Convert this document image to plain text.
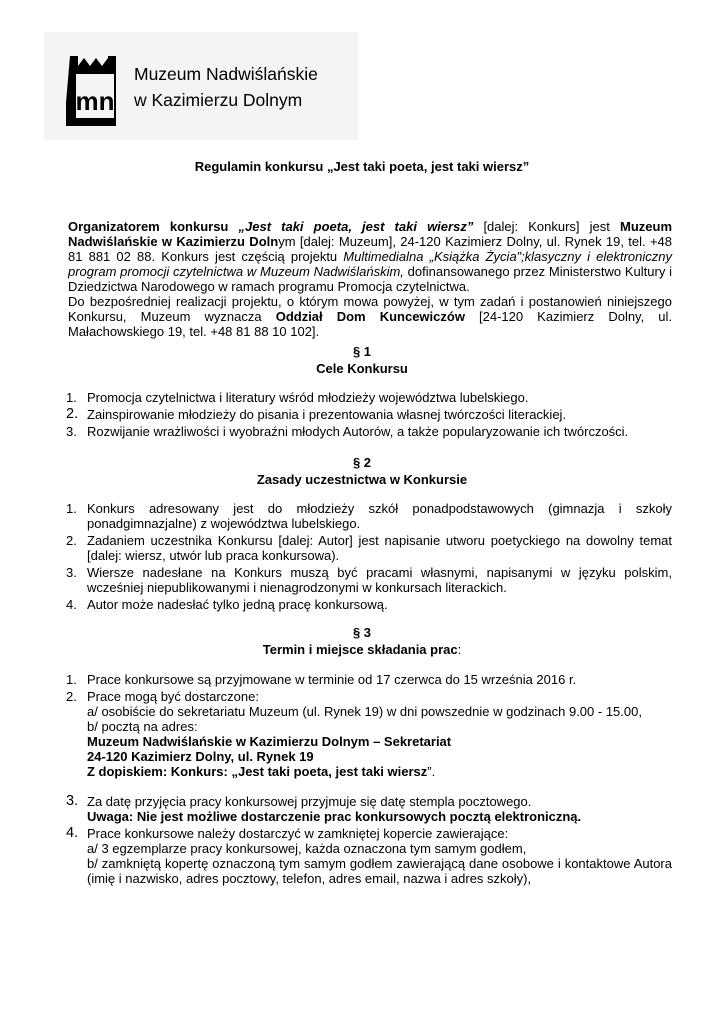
mn
Muzeum Nadwiślańskie
w Kazimierzu Dolnym
Regulamin konkursu „Jest taki poeta, jest taki wiersz”

Organizatorem konkursu „Jest taki poeta, jest taki wiersz” [dalej: Konkurs] jest Muzeum Nadwiślańskie w Kazimierzu Dolnym [dalej: Muzeum], 24-120 Kazimierz Dolny, ul. Rynek 19, tel. +48 81 881 02 88. Konkurs jest częścią projektu Multimedialna „Książka Życia”;klasyczny i elektroniczny program promocji czytelnictwa w Muzeum Nadwiślańskim, dofinansowanego przez Ministerstwo Kultury i Dziedzictwa Narodowego w ramach programu Promocja czytelnictwa.

Do bezpośredniej realizacji projektu, o którym mowa powyżej, w tym zadań i postanowień niniejszego Konkursu, Muzeum wyznacza Oddział Dom Kuncewiczów [24-120 Kazimierz Dolny, ul. Małachowskiego 19, tel. +48 81 88 10 102].

§ 1
Cele Konkursu
1. Promocja czytelnictwa i literatury wśród młodzieży województwa lubelskiego.
2. Zainspirowanie młodzieży do pisania i prezentowania własnej twórczości literackiej.
3. Rozwijanie wrażliwości i wyobraźni młodych Autorów, a także popularyzowanie ich twórczości.
§ 2
Zasady uczestnictwa w Konkursie
1. Konkurs adresowany jest do młodzieży szkół ponadpodstawowych (gimnazja i szkoły ponadgimnazjalne) z województwa lubelskiego.
2. Zadaniem uczestnika Konkursu [dalej: Autor] jest napisanie utworu poetyckiego na dowolny temat [dalej: wiersz, utwór lub praca konkursowa).
3. Wiersze nadesłane na Konkurs muszą być pracami własnymi, napisanymi w języku polskim, wcześniej niepublikowanymi i nienagrodzonymi w konkursach literackich.
4. Autor może nadesłać tylko jedną pracę konkursową.
§ 3
Termin i miejsce składania prac:
1. Prace konkursowe są przyjmowane w terminie od 17 czerwca do 15 września 2016 r.
2. Prace mogą być dostarczone:
a/ osobiście do sekretariatu Muzeum (ul. Rynek 19) w dni powszednie w godzinach 9.00 - 15.00,
b/ pocztą na adres:
Muzeum Nadwiślańskie w Kazimierzu Dolnym – Sekretariat
24-120 Kazimierz Dolny, ul. Rynek 19
Z dopiskiem: Konkurs: „Jest taki poeta, jest taki wiersz”.
3. Za datę przyjęcia pracy konkursowej przyjmuje się datę stempla pocztowego.
Uwaga: Nie jest możliwe dostarczenie prac konkursowych pocztą elektroniczną.
4. Prace konkursowe należy dostarczyć w zamkniętej kopercie zawierające:
a/ 3 egzemplarze pracy konkursowej, każda oznaczona tym samym godłem,
b/ zamkniętą kopertę oznaczoną tym samym godłem zawierającą dane osobowe i kontaktowe Autora (imię i nazwisko, adres pocztowy, telefon, adres email, nazwa i adres szkoły),
